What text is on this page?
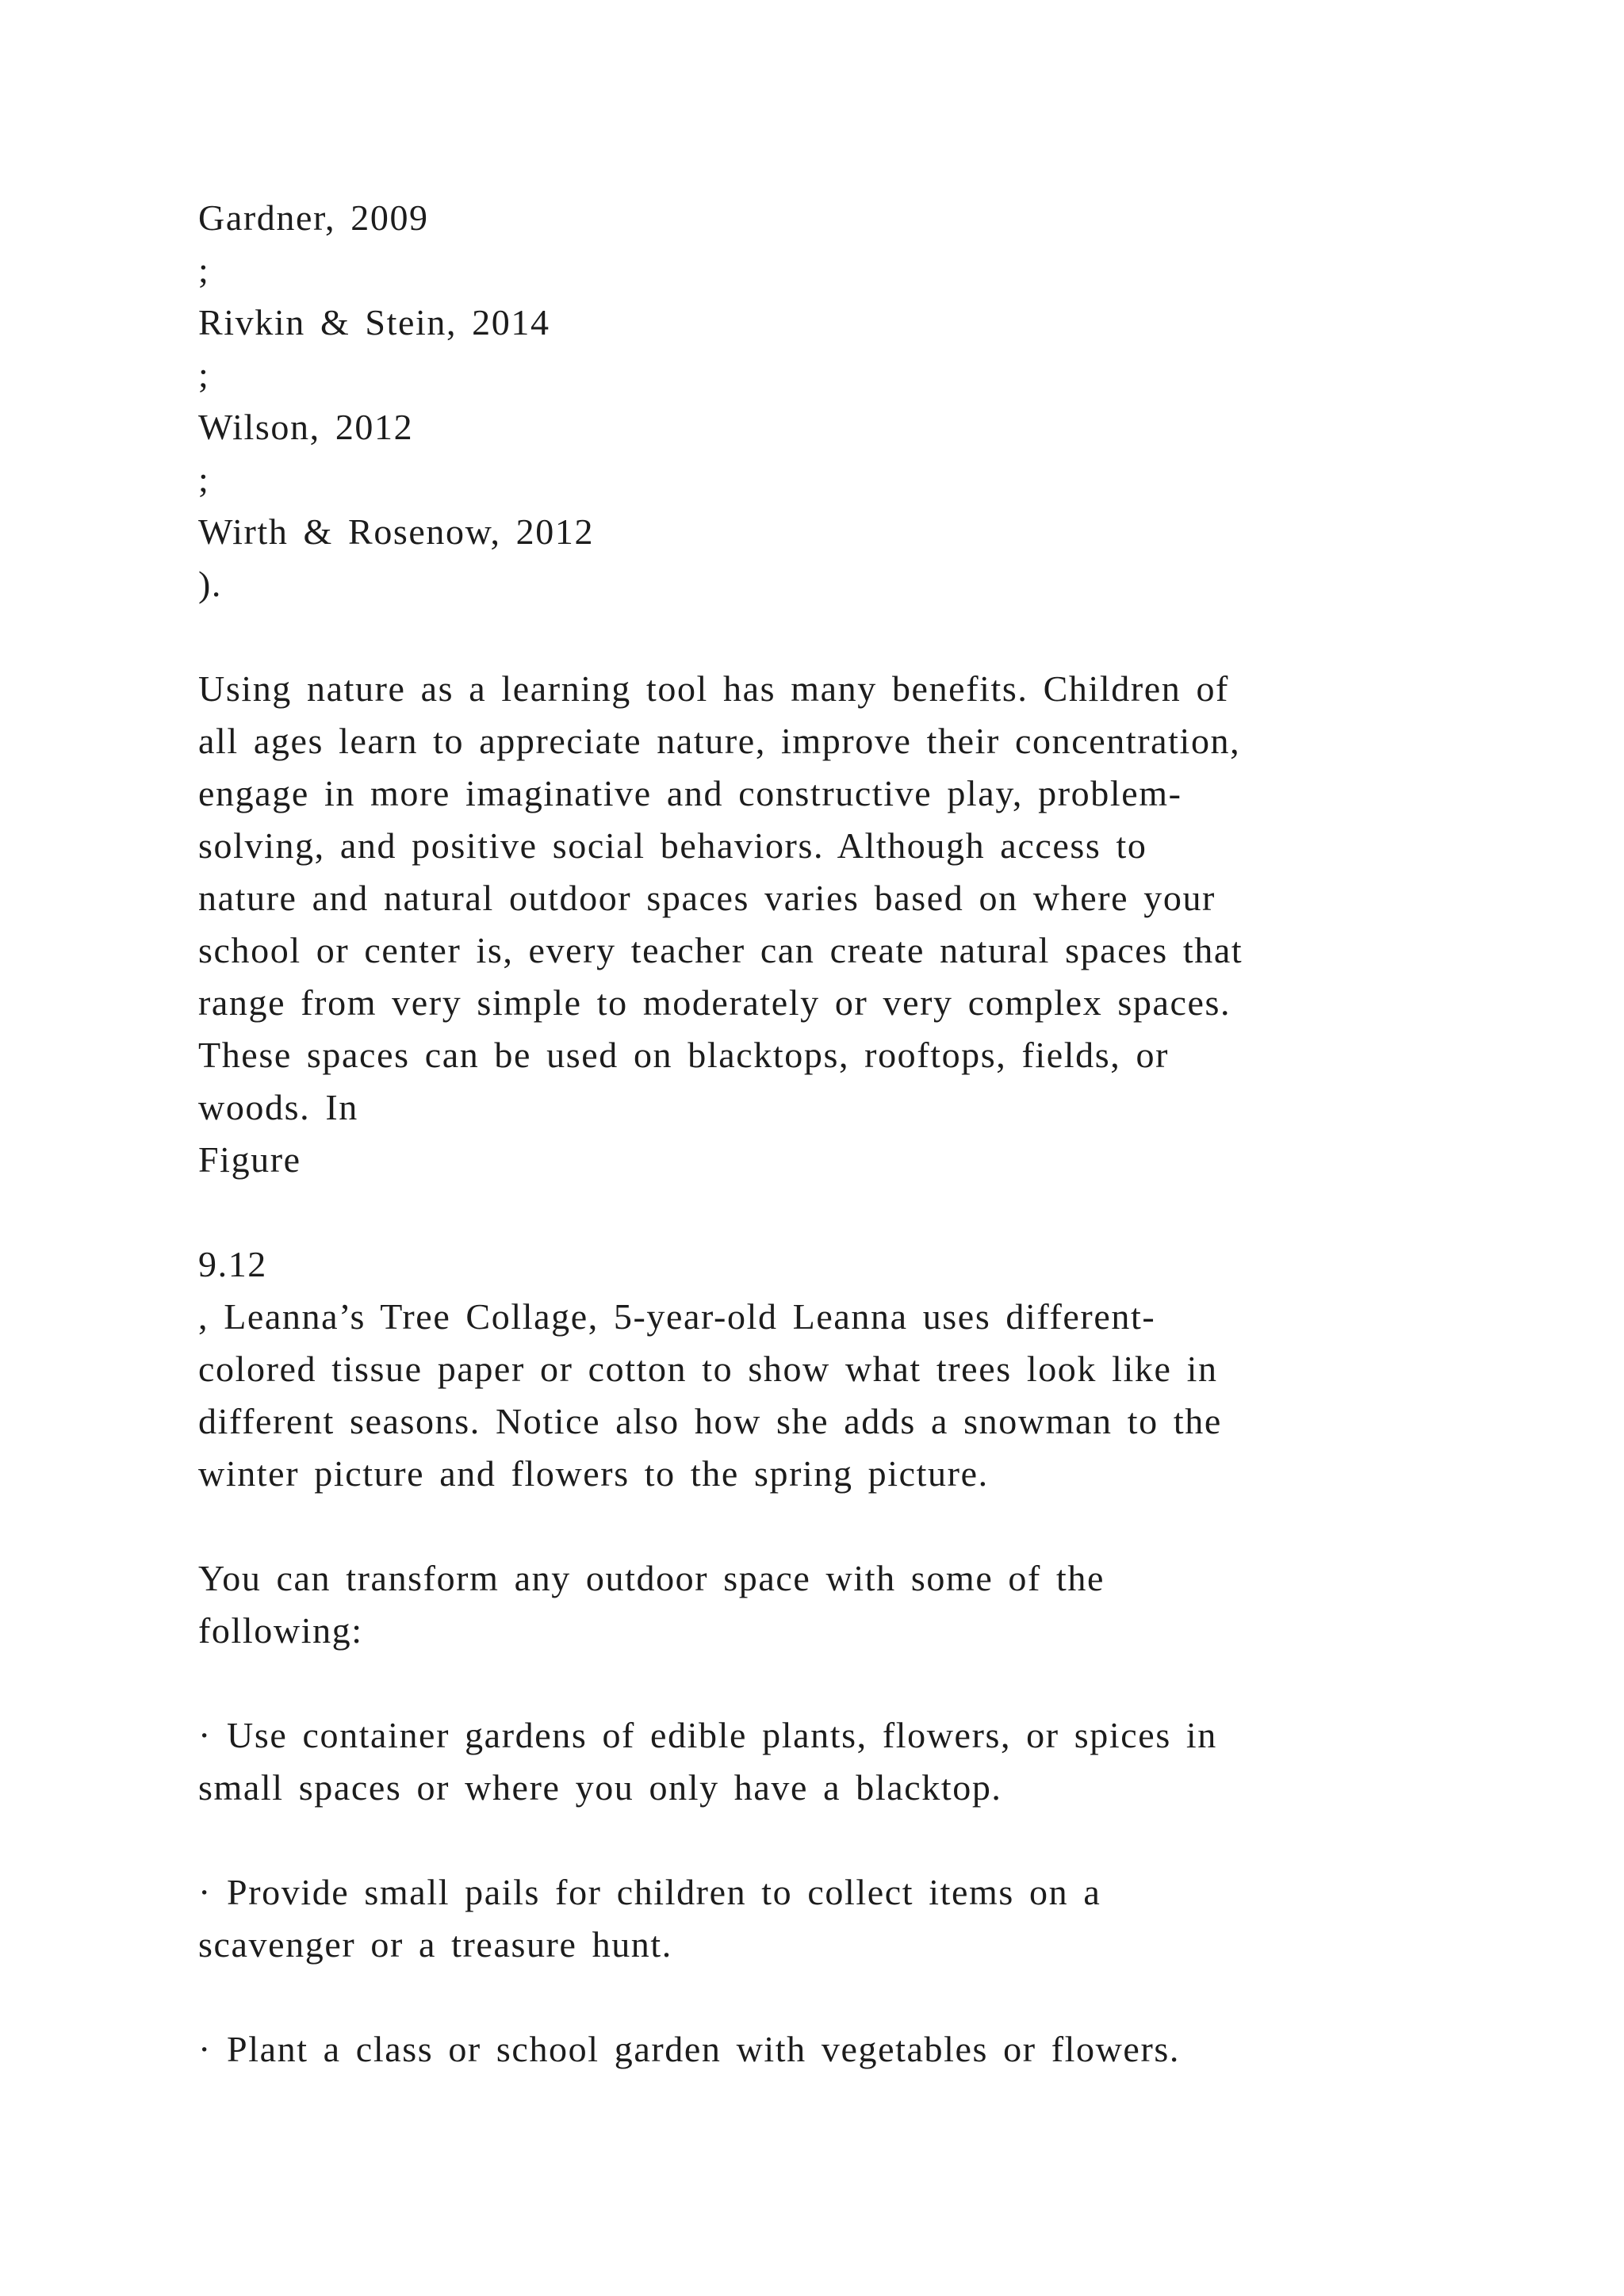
Gardner, 2009
;
Rivkin & Stein, 2014
;
Wilson, 2012
;
Wirth & Rosenow, 2012
).
Using nature as a learning tool has many benefits. Children of
all ages learn to appreciate nature, improve their concentration,
engage in more imaginative and constructive play, problem-
solving, and positive social behaviors. Although access to
nature and natural outdoor spaces varies based on where your
school or center is, every teacher can create natural spaces that
range from very simple to moderately or very complex spaces.
These spaces can be used on blacktops, rooftops, fields, or
woods. In
Figure
9.12
, Leanna’s Tree Collage, 5-year-old Leanna uses different-
colored tissue paper or cotton to show what trees look like in
different seasons. Notice also how she adds a snowman to the
winter picture and flowers to the spring picture.
You can transform any outdoor space with some of the
following:
· Use container gardens of edible plants, flowers, or spices in
small spaces or where you only have a blacktop.
· Provide small pails for children to collect items on a
scavenger or a treasure hunt.
· Plant a class or school garden with vegetables or flowers.
